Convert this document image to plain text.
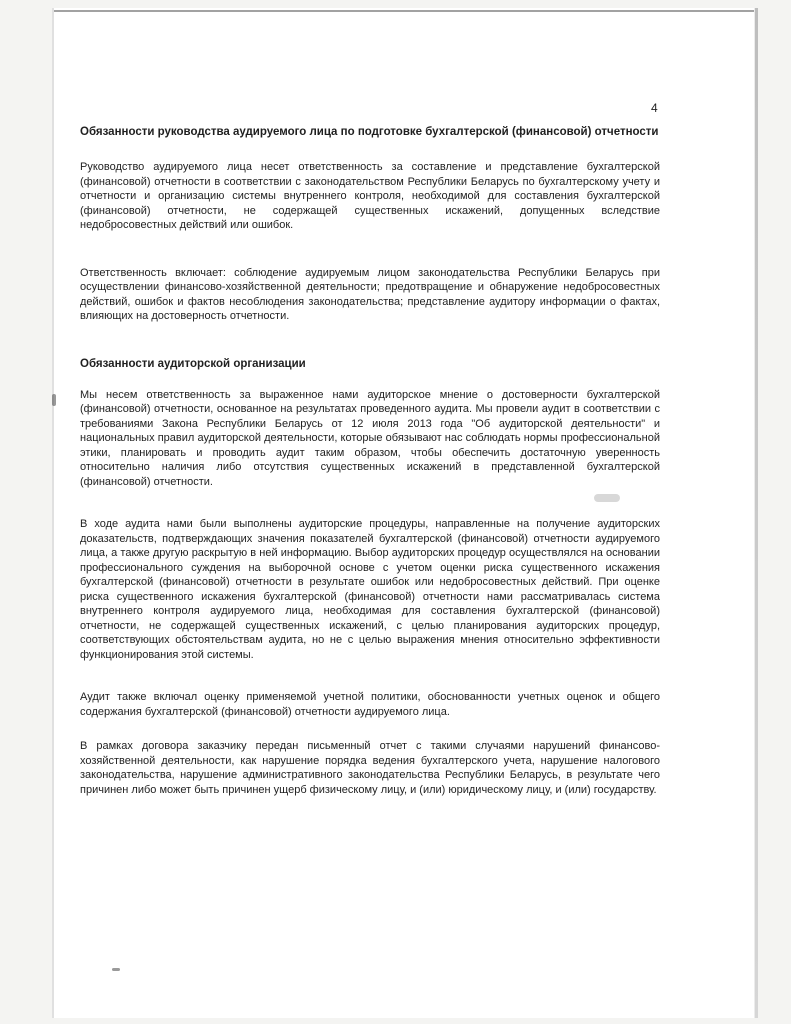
4
Обязанности руководства аудируемого лица по подготовке бухгалтерской (финансовой) отчетности

Руководство аудируемого лица несет ответственность за составление и представление бухгалтерской (финансовой) отчетности в соответствии с законодательством Республики Беларусь по бухгалтерскому учету и отчетности и организацию системы внутреннего контроля, необходимой для составления бухгалтерской (финансовой) отчетности, не содержащей существенных искажений, допущенных вследствие недобросовестных действий или ошибок.

Ответственность включает: соблюдение аудируемым лицом законодательства Республики Беларусь при осуществлении финансово-хозяйственной деятельности; предотвращение и обнаружение недобросовестных действий, ошибок и фактов несоблюдения законодательства; представление аудитору информации о фактах, влияющих на достоверность отчетности.

Обязанности аудиторской организации

Мы несем ответственность за выраженное нами аудиторское мнение о достоверности бухгалтерской (финансовой) отчетности, основанное на результатах проведенного аудита. Мы провели аудит в соответствии с требованиями Закона Республики Беларусь от 12 июля 2013 года "Об аудиторской деятельности" и национальных правил аудиторской деятельности, которые обязывают нас соблюдать нормы профессиональной этики, планировать и проводить аудит таким образом, чтобы обеспечить достаточную уверенность относительно наличия либо отсутствия существенных искажений в представленной бухгалтерской (финансовой) отчетности.

В ходе аудита нами были выполнены аудиторские процедуры, направленные на получение аудиторских доказательств, подтверждающих значения показателей бухгалтерской (финансовой) отчетности аудируемого лица, а также другую раскрытую в ней информацию. Выбор аудиторских процедур осуществлялся на основании профессионального суждения на выборочной основе с учетом оценки риска существенного искажения бухгалтерской (финансовой) отчетности в результате ошибок или недобросовестных действий. При оценке риска существенного искажения бухгалтерской (финансовой) отчетности нами рассматривалась система внутреннего контроля аудируемого лица, необходимая для составления бухгалтерской (финансовой) отчетности, не содержащей существенных искажений, с целью планирования аудиторских процедур, соответствующих обстоятельствам аудита, но не с целью выражения мнения относительно эффективности функционирования этой системы.

Аудит также включал оценку применяемой учетной политики, обоснованности учетных оценок и общего содержания бухгалтерской (финансовой) отчетности аудируемого лица.

В рамках договора заказчику передан письменный отчет с такими случаями нарушений финансово-хозяйственной деятельности, как нарушение порядка ведения бухгалтерского учета, нарушение налогового законодательства, нарушение административного законодательства Республики Беларусь, в результате чего причинен либо может быть причинен ущерб физическому лицу, и (или) юридическому лицу, и (или) государству.
